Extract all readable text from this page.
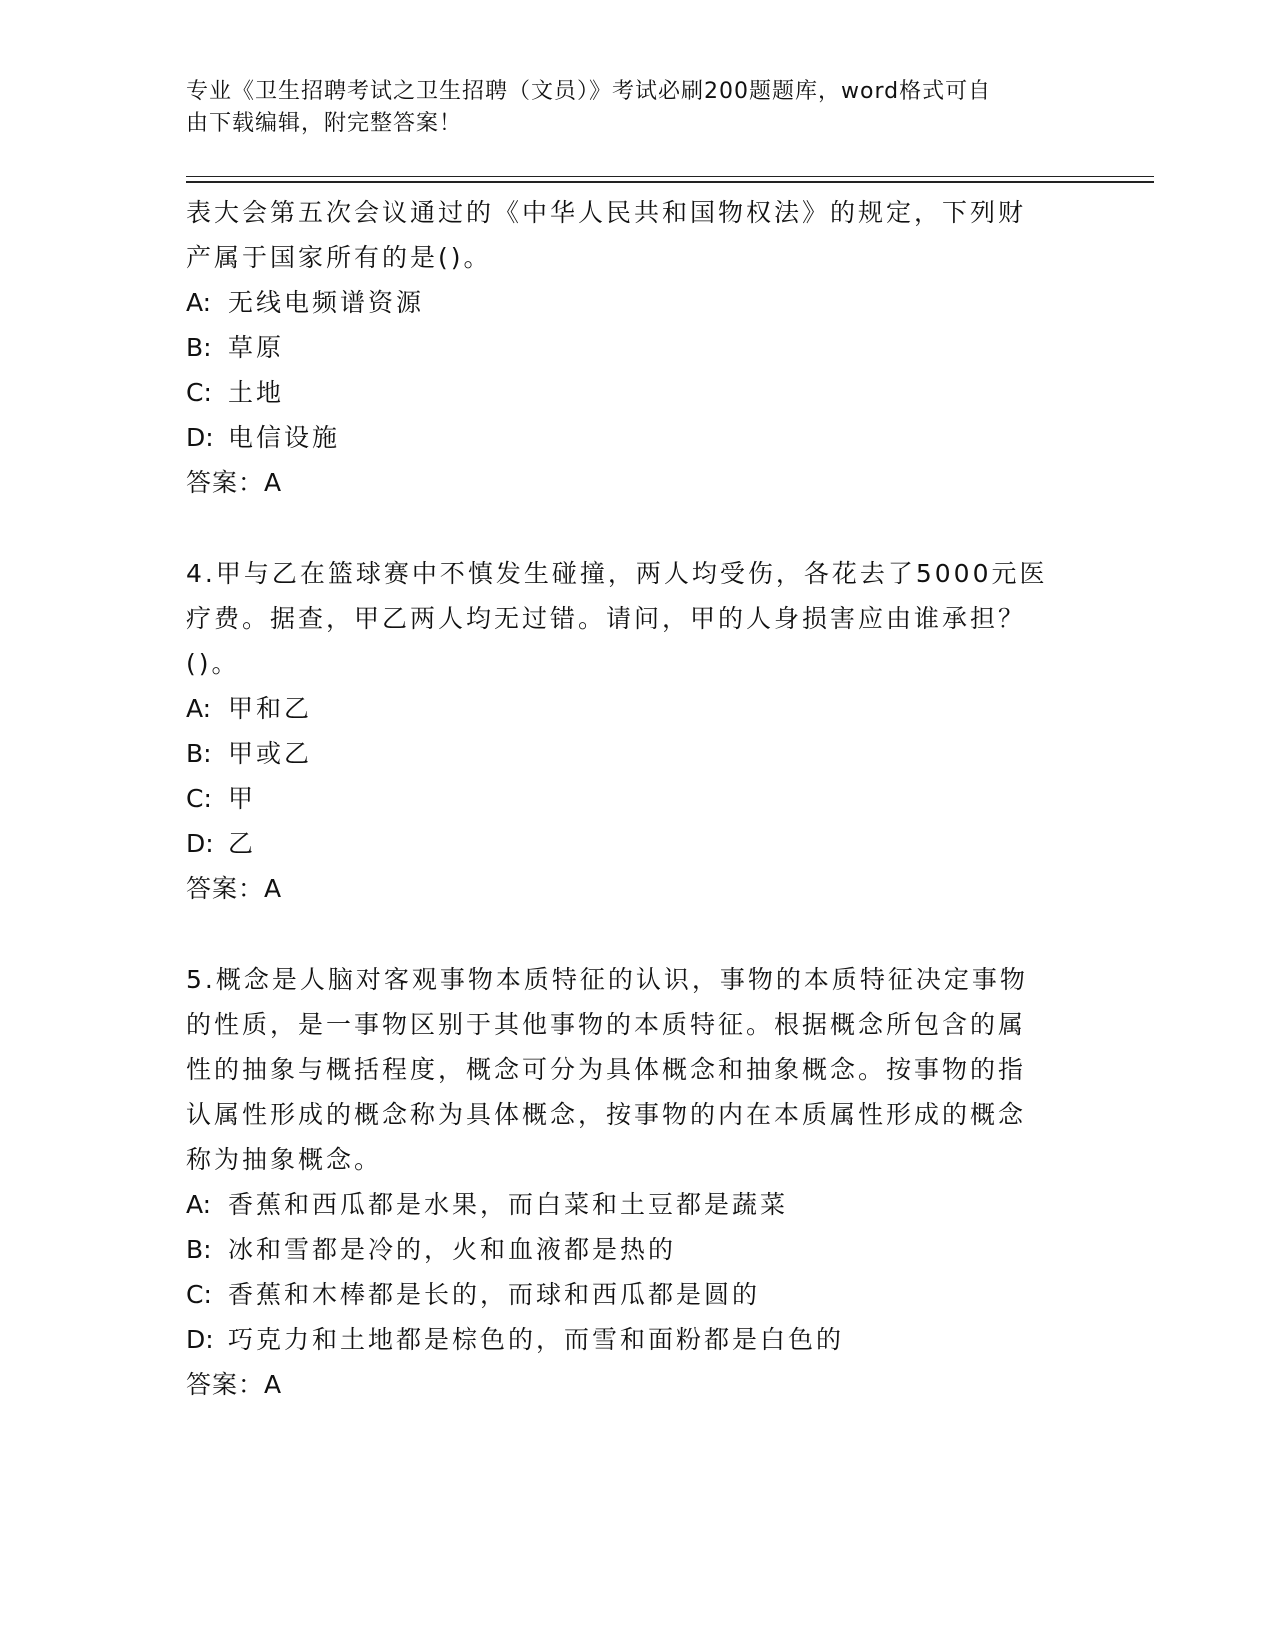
专业《卫生招聘考试之卫生招聘（文员）》考试必刷200题题库，word格式可自
由下载编辑，附完整答案！

表大会第五次会议通过的《中华人民共和国物权法》的规定，下列财

产属于国家所有的是()。

A: 无线电频谱资源

B: 草原

C: 土地

D: 电信设施

答案：A

4.甲与乙在篮球赛中不慎发生碰撞，两人均受伤，各花去了5000元医

疗费。据查，甲乙两人均无过错。请问，甲的人身损害应由谁承担？

()。

A: 甲和乙

B: 甲或乙

C: 甲

D: 乙

答案：A

5.概念是人脑对客观事物本质特征的认识，事物的本质特征决定事物

的性质，是一事物区别于其他事物的本质特征。根据概念所包含的属

性的抽象与概括程度，概念可分为具体概念和抽象概念。按事物的指

认属性形成的概念称为具体概念，按事物的内在本质属性形成的概念

称为抽象概念。

A: 香蕉和西瓜都是水果，而白菜和土豆都是蔬菜

B: 冰和雪都是冷的，火和血液都是热的

C: 香蕉和木棒都是长的，而球和西瓜都是圆的

D: 巧克力和土地都是棕色的，而雪和面粉都是白色的

答案：A
